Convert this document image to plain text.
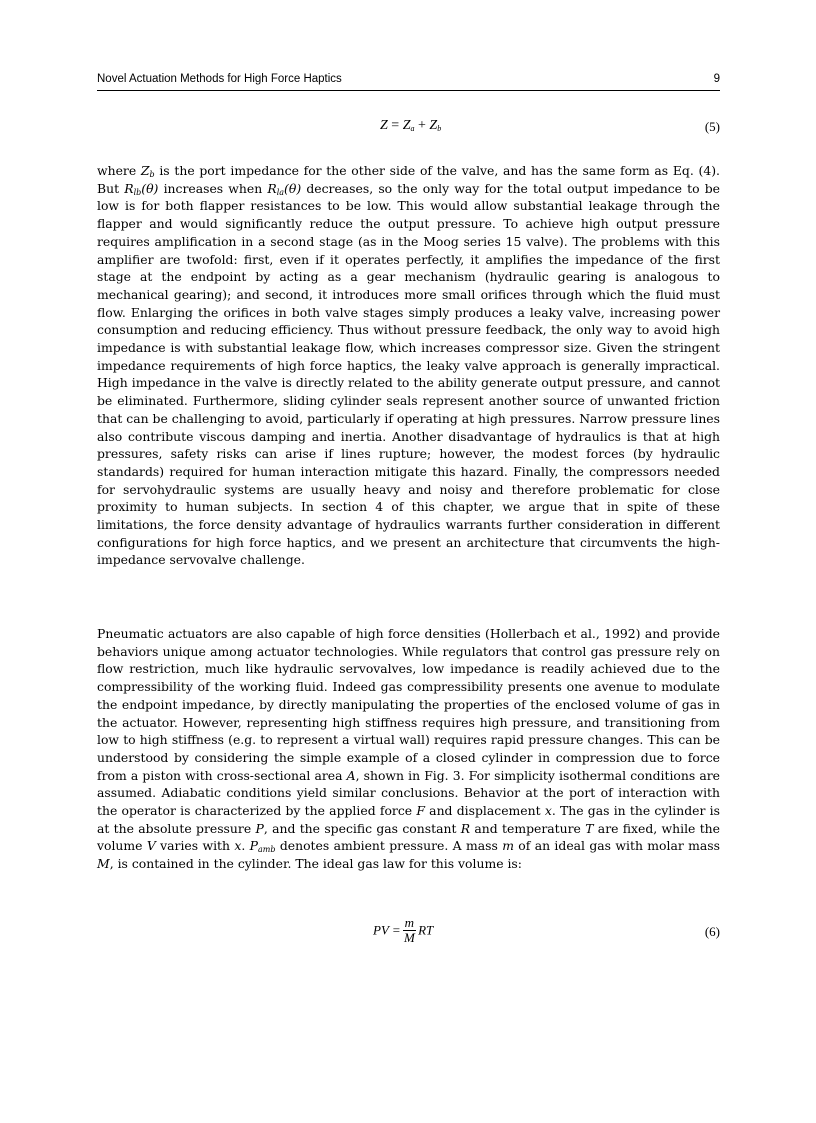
Novel Actuation Methods for High Force Haptics	9
$Z = Z_a + Z_b$	(5)
where $Z_b$ is the port impedance for the other side of the valve, and has the same form as Eq. (4). But $R_{lb}(\theta)$ increases when $R_{la}(\theta)$ decreases, so the only way for the total output impedance to be low is for both flapper resistances to be low. This would allow substantial leakage through the flapper and would significantly reduce the output pressure. To achieve high output pressure requires amplification in a second stage (as in the Moog series 15 valve). The problems with this amplifier are twofold: first, even if it operates perfectly, it amplifies the impedance of the first stage at the endpoint by acting as a gear mechanism (hydraulic gearing is analogous to mechanical gearing); and second, it introduces more small orifices through which the fluid must flow. Enlarging the orifices in both valve stages simply produces a leaky valve, increasing power consumption and reducing efficiency. Thus without pressure feedback, the only way to avoid high impedance is with substantial leakage flow, which increases compressor size. Given the stringent impedance requirements of high force haptics, the leaky valve approach is generally impractical. High impedance in the valve is directly related to the ability generate output pressure, and cannot be eliminated. Furthermore, sliding cylinder seals represent another source of unwanted friction that can be challenging to avoid, particularly if operating at high pressures. Narrow pressure lines also contribute viscous damping and inertia. Another disadvantage of hydraulics is that at high pressures, safety risks can arise if lines rupture; however, the modest forces (by hydraulic standards) required for human interaction mitigate this hazard. Finally, the compressors needed for servohydraulic systems are usually heavy and noisy and therefore problematic for close proximity to human subjects. In section 4 of this chapter, we argue that in spite of these limitations, the force density advantage of hydraulics warrants further consideration in different configurations for high force haptics, and we present an architecture that circumvents the high-impedance servovalve challenge.
Pneumatic actuators are also capable of high force densities (Hollerbach et al., 1992) and provide behaviors unique among actuator technologies. While regulators that control gas pressure rely on flow restriction, much like hydraulic servovalves, low impedance is readily achieved due to the compressibility of the working fluid. Indeed gas compressibility presents one avenue to modulate the endpoint impedance, by directly manipulating the properties of the enclosed volume of gas in the actuator. However, representing high stiffness requires high pressure, and transitioning from low to high stiffness (e.g. to represent a virtual wall) requires rapid pressure changes. This can be understood by considering the simple example of a closed cylinder in compression due to force from a piston with cross-sectional area A, shown in Fig. 3. For simplicity isothermal conditions are assumed. Adiabatic conditions yield similar conclusions. Behavior at the port of interaction with the operator is characterized by the applied force F and displacement x. The gas in the cylinder is at the absolute pressure P, and the specific gas constant R and temperature T are fixed, while the volume V varies with x. $P_{amb}$ denotes ambient pressure. A mass m of an ideal gas with molar mass M, is contained in the cylinder. The ideal gas law for this volume is:
PV = $\frac{m}{M}$ RT	(6)
